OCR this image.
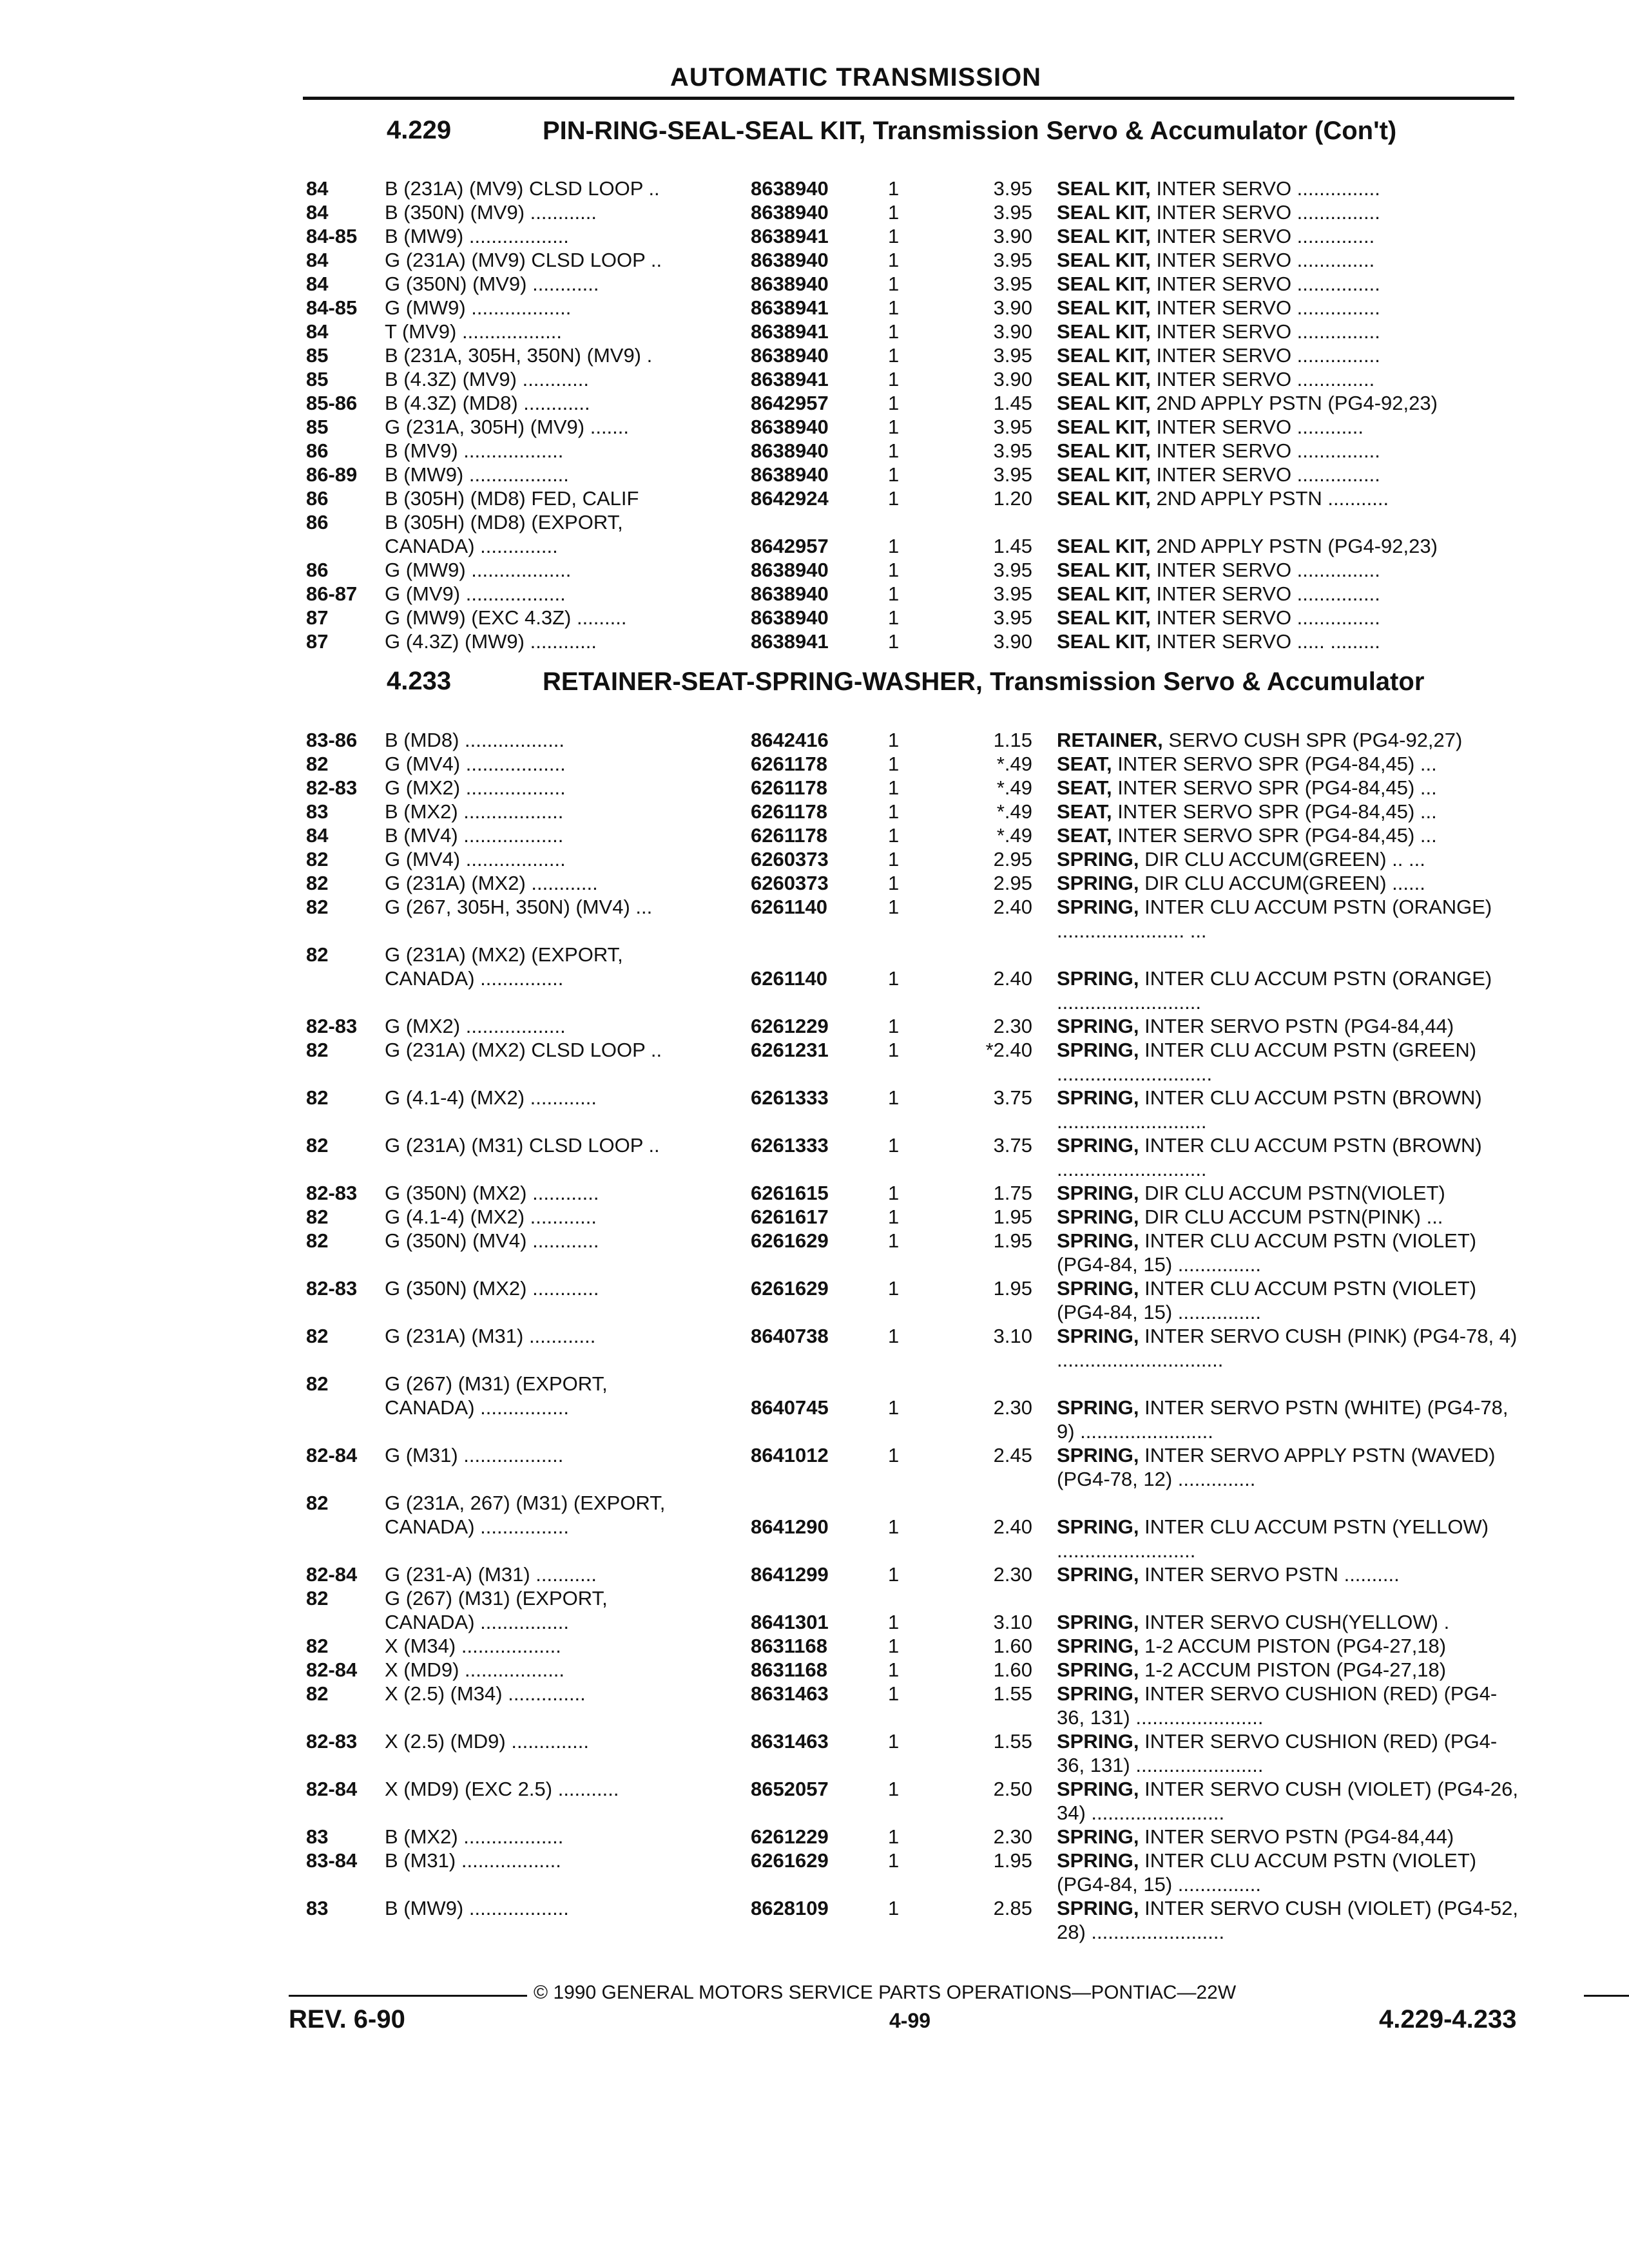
AUTOMATIC TRANSMISSION
4.229	PIN-RING-SEAL-SEAL KIT, Transmission Servo & Accumulator (Con't)
84	B (231A) (MV9) CLSD LOOP ..	8638940	1	3.95 SEAL KIT, INTER SERVO ...............
84	B (350N) (MV9) ............	8638940	1	3.95 SEAL KIT, INTER SERVO ...............
84-85	B (MW9) ..................	8638941	1	3.90 SEAL KIT, INTER SERVO ..............
84	G (231A) (MV9) CLSD LOOP ..	8638940	1	3.95 SEAL KIT, INTER SERVO ..............
84	G (350N) (MV9) ............	8638940	1	3.95 SEAL KIT, INTER SERVO ...............
84-85	G (MW9) ..................	8638941	1	3.90 SEAL KIT, INTER SERVO ...............
84	T (MV9) ..................	8638941	1	3.90 SEAL KIT, INTER SERVO ...............
85	B (231A, 305H, 350N) (MV9) .	8638940	1	3.95 SEAL KIT, INTER SERVO ...............
85	B (4.3Z) (MV9) ............	8638941	1	3.90 SEAL KIT, INTER SERVO ..............
85-86	B (4.3Z) (MD8) ............	8642957	1	1.45 SEAL KIT, 2ND APPLY PSTN (PG4-92,23)
85	G (231A, 305H) (MV9) .......	8638940	1	3.95 SEAL KIT, INTER SERVO ............
86	B (MV9) ..................	8638940	1	3.95 SEAL KIT, INTER SERVO ...............
86-89	B (MW9) ..................	8638940	1	3.95 SEAL KIT, INTER SERVO ...............
86	B (305H) (MD8) FED, CALIF	8642924	1	1.20 SEAL KIT, 2ND APPLY PSTN ...........
86	B (305H) (MD8) (EXPORT,
CANADA) ..............	8642957	1	1.45 SEAL KIT, 2ND APPLY PSTN (PG4-92,23)
86	G (MW9) ..................	8638940	1	3.95 SEAL KIT, INTER SERVO ...............
86-87	G (MV9) ..................	8638940	1	3.95 SEAL KIT, INTER SERVO ...............
87	G (MW9) (EXC 4.3Z) .........	8638940	1	3.95 SEAL KIT, INTER SERVO ...............
87	G (4.3Z) (MW9) ............	8638941	1	3.90 SEAL KIT, INTER SERVO ..... .........
4.233	RETAINER-SEAT-SPRING-WASHER, Transmission Servo & Accumulator
83-86	B (MD8) ..................	8642416	1	1.15 RETAINER, SERVO CUSH SPR (PG4-92,27)
82	G (MV4) ..................	6261178	1	*.49 SEAT, INTER SERVO SPR (PG4-84,45) ...
82-83	G (MX2) ..................	6261178	1	*.49 SEAT, INTER SERVO SPR (PG4-84,45) ...
83	B (MX2) ..................	6261178	1	*.49 SEAT, INTER SERVO SPR (PG4-84,45) ...
84	B (MV4) ..................	6261178	1	*.49 SEAT, INTER SERVO SPR (PG4-84,45) ...
82	G (MV4) ..................	6260373	1	2.95 SPRING, DIR CLU ACCUM(GREEN) .. ...
82	G (231A) (MX2) ............	6260373	1	2.95 SPRING, DIR CLU ACCUM(GREEN) ......
82	G (267, 305H, 350N) (MV4) ...	6261140	1	2.40 SPRING, INTER CLU ACCUM PSTN (ORANGE) ....................... ...
82	G (231A) (MX2) (EXPORT,
CANADA) ...............	6261140	1	2.40 SPRING, INTER CLU ACCUM PSTN (ORANGE) ..........................
82-83	G (MX2) ..................	6261229	1	2.30 SPRING, INTER SERVO PSTN (PG4-84,44)
82	G (231A) (MX2) CLSD LOOP ..	6261231	1	*2.40 SPRING, INTER CLU ACCUM PSTN (GREEN) ............................
82	G (4.1-4) (MX2) ............	6261333	1	3.75 SPRING, INTER CLU ACCUM PSTN (BROWN) ...........................
82	G (231A) (M31) CLSD LOOP ..	6261333	1	3.75 SPRING, INTER CLU ACCUM PSTN (BROWN) ...........................
82-83	G (350N) (MX2) ............	6261615	1	1.75 SPRING, DIR CLU ACCUM PSTN(VIOLET)
82	G (4.1-4) (MX2) ............	6261617	1	1.95 SPRING, DIR CLU ACCUM PSTN(PINK) ...
82	G (350N) (MV4) ............	6261629	1	1.95 SPRING, INTER CLU ACCUM PSTN (VIOLET) (PG4-84, 15) ...............
82-83	G (350N) (MX2) ............	6261629	1	1.95 SPRING, INTER CLU ACCUM PSTN (VIOLET) (PG4-84, 15) ...............
82	G (231A) (M31) ............	8640738	1	3.10 SPRING, INTER SERVO CUSH (PINK) (PG4-78, 4) ..............................
82	G (267) (M31) (EXPORT,
CANADA) ................	8640745	1	2.30 SPRING, INTER SERVO PSTN (WHITE) (PG4-78, 9) ........................
82-84	G (M31) ..................	8641012	1	2.45 SPRING, INTER SERVO APPLY PSTN (WAVED) (PG4-78, 12) ..............
82	G (231A, 267) (M31) (EXPORT,
CANADA) ................	8641290	1	2.40 SPRING, INTER CLU ACCUM PSTN (YELLOW) .........................
82-84	G (231-A) (M31) ...........	8641299	1	2.30 SPRING, INTER SERVO PSTN ..........
82	G (267) (M31) (EXPORT,
CANADA) ................	8641301	1	3.10 SPRING, INTER SERVO CUSH(YELLOW) .
82	X (M34) ..................	8631168	1	1.60 SPRING, 1-2 ACCUM PISTON (PG4-27,18)
82-84	X (MD9) ..................	8631168	1	1.60 SPRING, 1-2 ACCUM PISTON (PG4-27,18)
82	X (2.5) (M34) ..............	8631463	1	1.55 SPRING, INTER SERVO CUSHION (RED) (PG4-36, 131) .......................
82-83	X (2.5) (MD9) ..............	8631463	1	1.55 SPRING, INTER SERVO CUSHION (RED) (PG4-36, 131) .......................
82-84	X (MD9) (EXC 2.5) ...........	8652057	1	2.50 SPRING, INTER SERVO CUSH (VIOLET) (PG4-26, 34) ........................
83	B (MX2) ..................	6261229	1	2.30 SPRING, INTER SERVO PSTN (PG4-84,44)
83-84	B (M31) ..................	6261629	1	1.95 SPRING, INTER CLU ACCUM PSTN (VIOLET) (PG4-84, 15) ...............
83	B (MW9) ..................	8628109	1	2.85 SPRING, INTER SERVO CUSH (VIOLET) (PG4-52, 28) ........................
© 1990 GENERAL MOTORS SERVICE PARTS OPERATIONS—PONTIAC—22W
REV. 6-90	4-99	4.229-4.233
